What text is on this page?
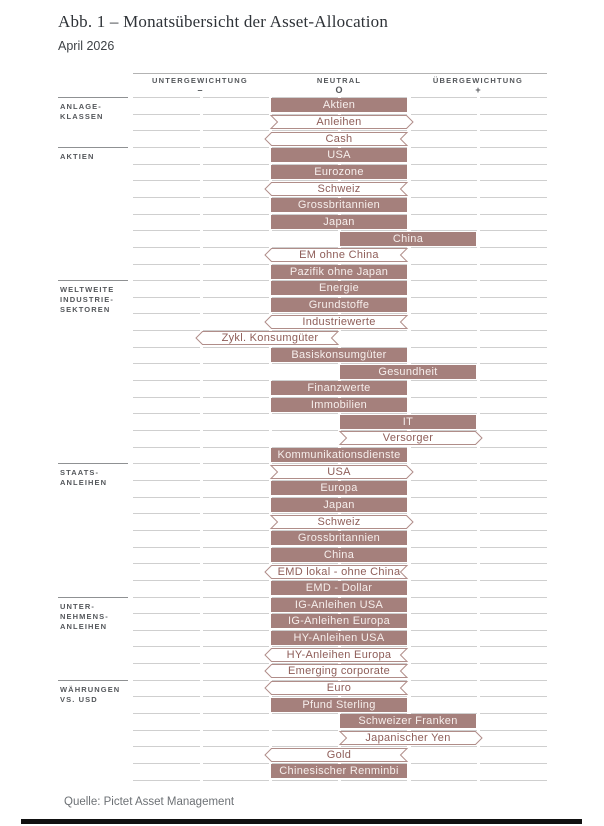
Abb. 1 – Monatsübersicht der Asset-Allocation
April 2026
UNTERGEWICHTUNG
–
NEUTRAL
O
ÜBERGEWICHTUNG
+
ANLAGE-
KLASSEN
AKTIEN
WELTWEITE
INDUSTRIE-
SEKTOREN
STAATS-
ANLEIHEN
UNTER-
NEHMENS-
ANLEIHEN
WÄHRUNGEN
VS. USD
Aktien
Anleihen
Cash
USA
Eurozone
Schweiz
Grossbritannien
Japan
China
EM ohne China
Pazifik ohne Japan
Energie
Grundstoffe
Industriewerte
Zykl. Konsumgüter
Basiskonsumgüter
Gesundheit
Finanzwerte
Immobilien
IT
Versorger
Kommunikationsdienste
USA
Europa
Japan
Schweiz
Grossbritannien
China
EMD lokal - ohne China
EMD - Dollar
IG-Anleihen USA
IG-Anleihen Europa
HY-Anleihen USA
HY-Anleihen Europa
Emerging corporate
Euro
Pfund Sterling
Schweizer Franken
Japanischer Yen
Gold
Chinesischer Renminbi
Quelle: Pictet Asset Management
